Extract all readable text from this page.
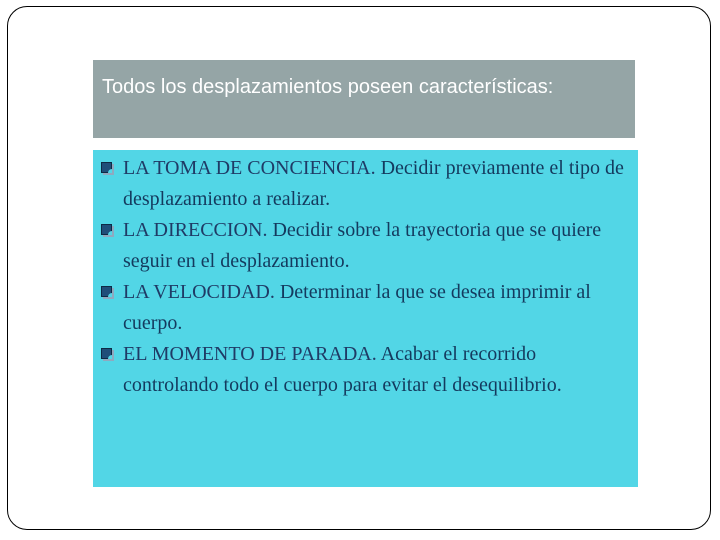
Todos los desplazamientos poseen características:

LA TOMA DE CONCIENCIA. Decidir previamente el tipo de desplazamiento a realizar.

LA DIRECCION. Decidir sobre la trayectoria que se quiere seguir en el desplazamiento.

LA VELOCIDAD. Determinar la que se desea imprimir al cuerpo.

EL MOMENTO DE PARADA. Acabar el recorrido controlando todo el cuerpo para evitar el desequilibrio.
